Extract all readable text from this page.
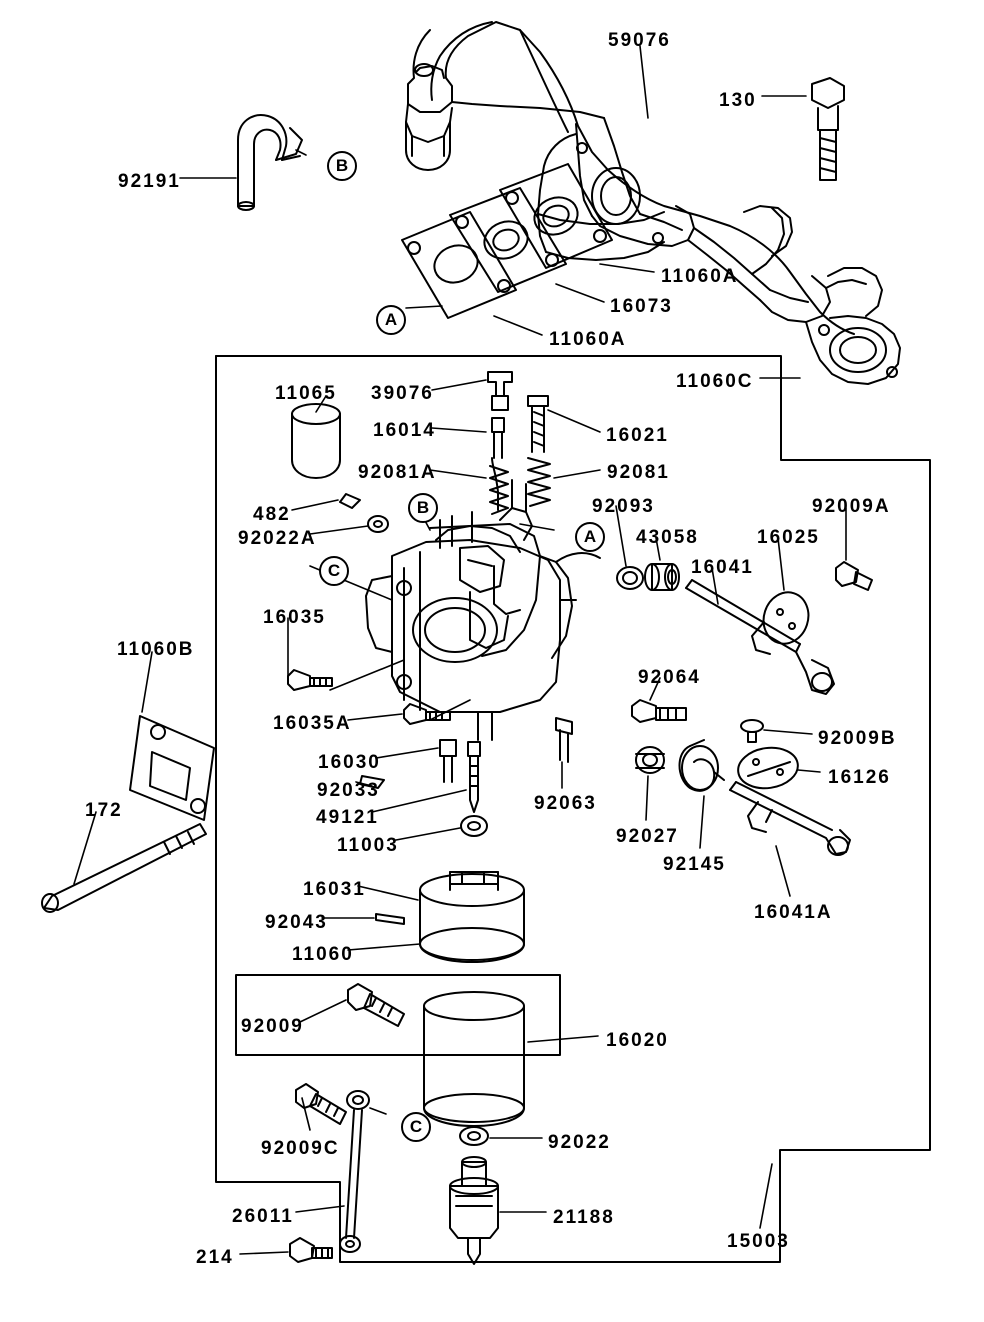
59076
130
92191
11060A
16073
11060A
11060C
11065 39076
16014	16021
92081A	92081
92093	92009A
482
43058	16025
92022A
16041
16035
11060B
92064
16035A
92009B
16030
16126
92033
172	49121
92063
11003	92027
92145
16041A
16031
92043
11060
92009
16020
92022
92009C
26011	21188
15003
214
B
A
B
A
C
C
